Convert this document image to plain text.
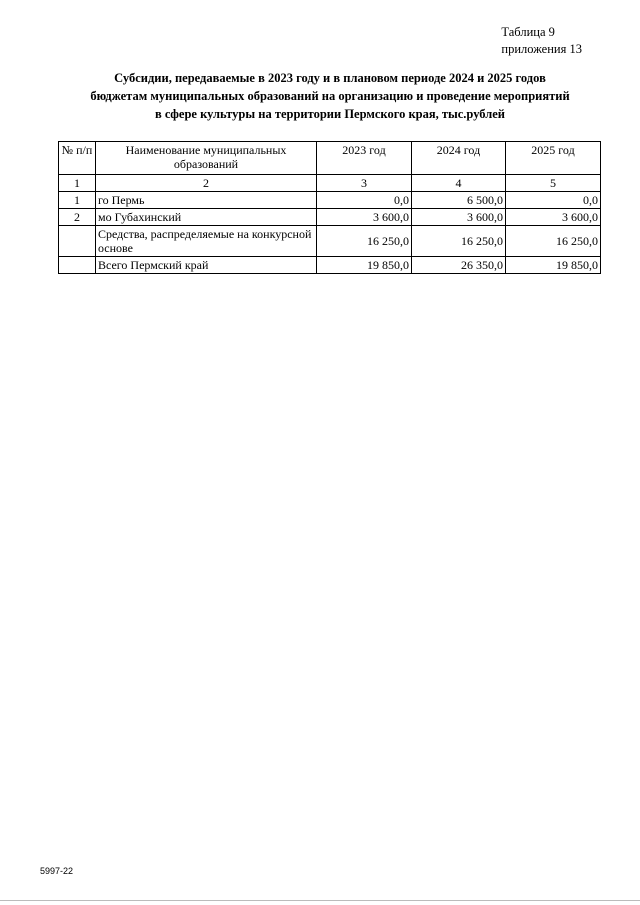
Таблица 9
приложения 13
Субсидии, передаваемые в 2023 году и в плановом периоде 2024 и 2025 годов
бюджетам муниципальных образований на организацию и проведение мероприятий
в сфере культуры на территории Пермского края, тыс.рублей
№ п/п	Наименование муниципальных образований	2023 год	2024 год	2025 год
1	2	3	4	5
1	го Пермь	0,0	6 500,0	0,0
2	мо Губахинский	3 600,0	3 600,0	3 600,0
	Средства, распределяемые на конкурсной основе	16 250,0	16 250,0	16 250,0
	Всего Пермский край	19 850,0	26 350,0	19 850,0
5997-22
